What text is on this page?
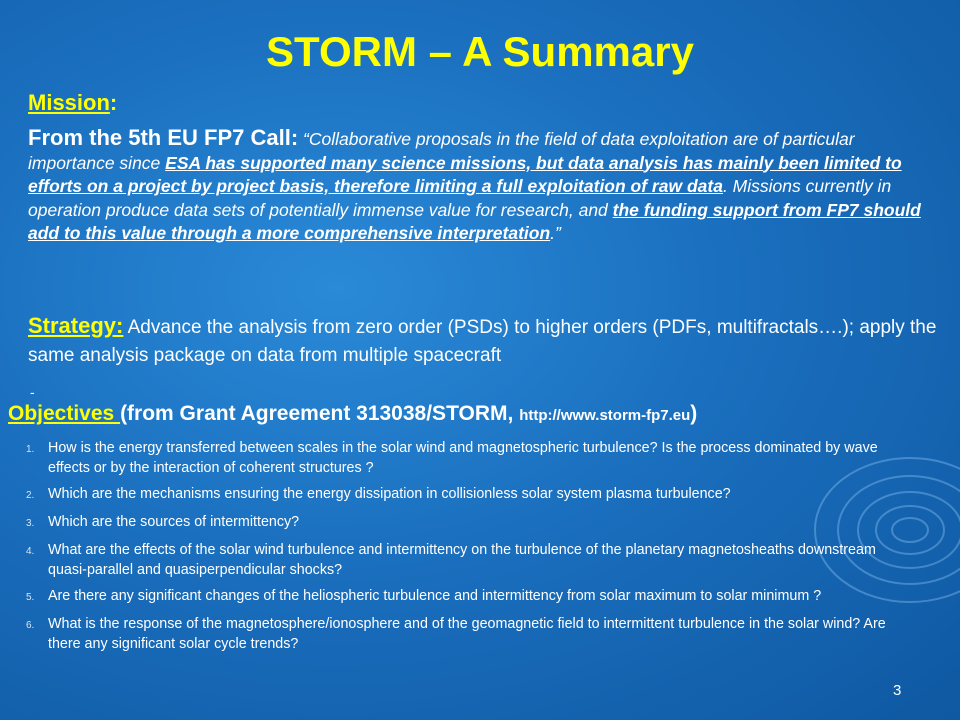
STORM – A Summary
Mission:
From the 5th EU FP7 Call: “Collaborative proposals in the field of data exploitation are of particular importance since ESA has supported many science missions, but data analysis has mainly been limited to efforts on a project by project basis, therefore limiting a full exploitation of raw data. Missions currently in operation produce data sets of potentially immense value for research, and the funding support from FP7 should add to this value through a more comprehensive interpretation.”
Strategy: Advance the analysis from zero order (PSDs) to higher orders (PDFs, multifractals….); apply the same analysis package on data from multiple spacecraft
-
Objectives (from Grant Agreement 313038/STORM, http://www.storm-fp7.eu)
1. How is the energy transferred between scales in the solar wind and magnetospheric turbulence? Is the process dominated by wave effects or by the interaction of coherent structures ?
2. Which are the mechanisms ensuring the energy dissipation in collisionless solar system plasma turbulence?
3. Which are the sources of intermittency?
4. What are the effects of the solar wind turbulence and intermittency on the turbulence of the planetary magnetosheaths downstream quasi-parallel and quasiperpendicular shocks?
5. Are there any significant changes of the heliospheric turbulence and intermittency from solar maximum to solar minimum ?
6. What is the response of the magnetosphere/ionosphere and of the geomagnetic field to intermittent turbulence in the solar wind? Are there any significant solar cycle trends?
3
